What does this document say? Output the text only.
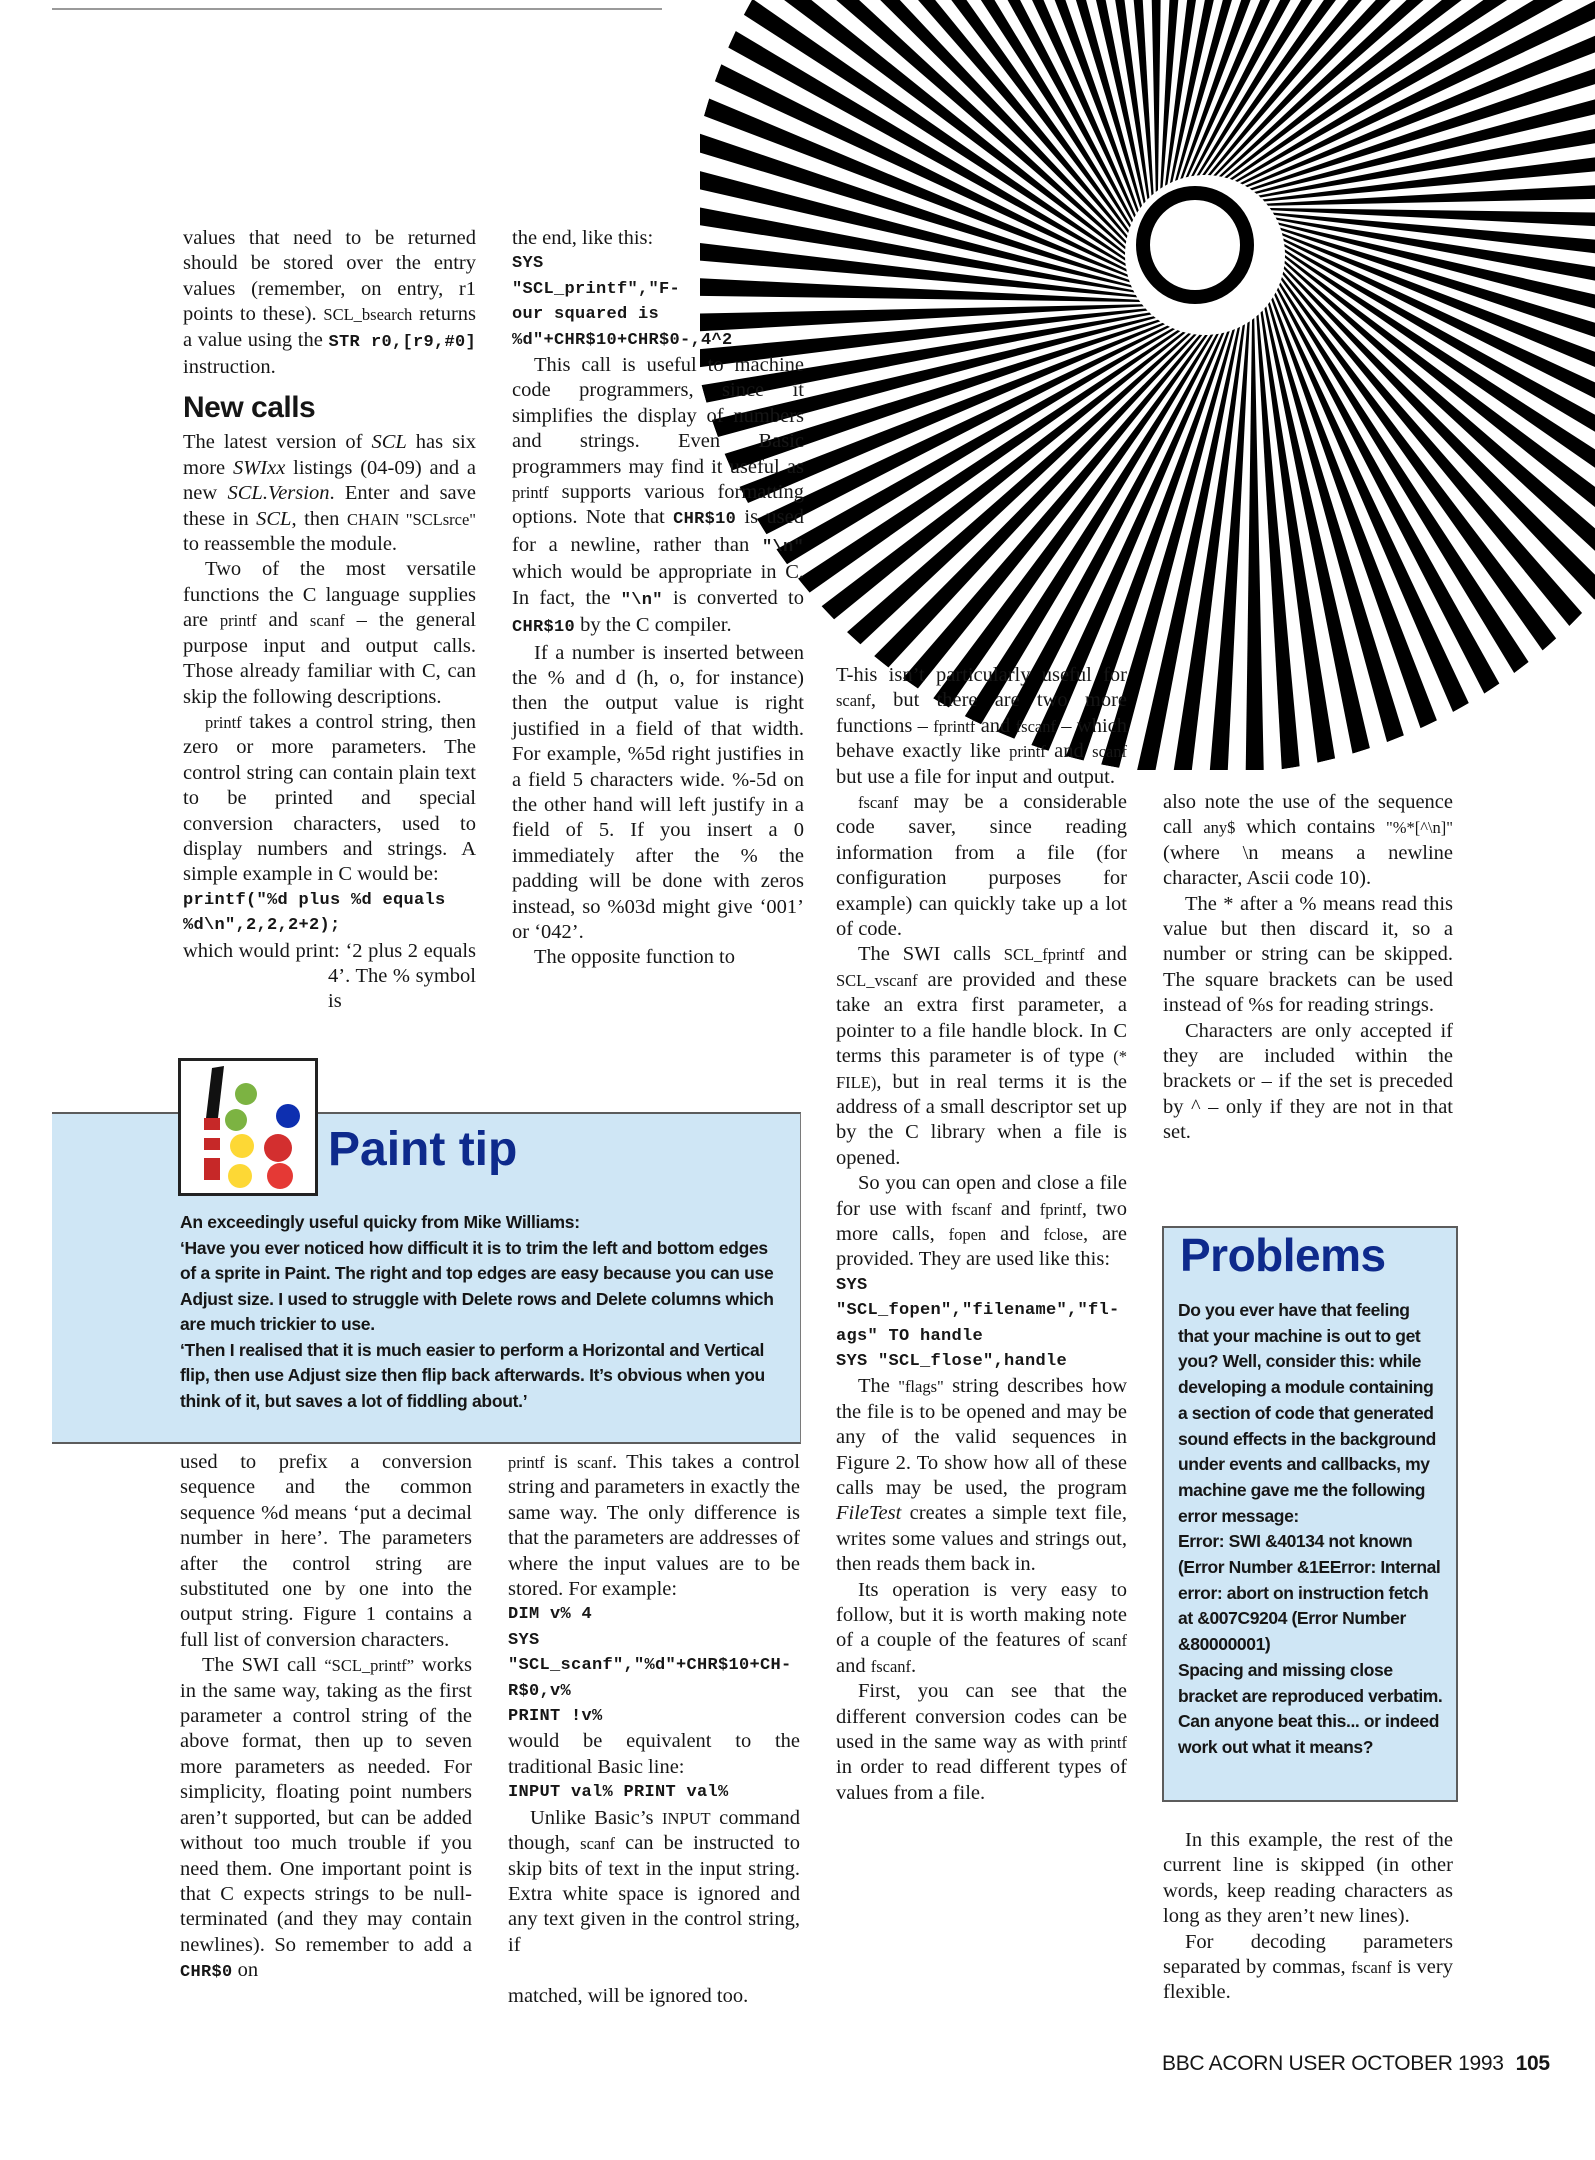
values that need to be returned should be stored over the entry values (remember, on entry, r1 points to these). SCL_bsearch returns a value using the STR r0,[r9,#0] instruction.

New calls

The latest version of SCL has six more SWIxx listings (04-09) and a new SCL.Version. Enter and save these in SCL, then CHAIN "SCLsrce" to reassemble the module.

Two of the most versatile functions the C language supplies are printf and scanf – the general purpose input and output calls. Those already familiar with C, can skip the following descriptions.

printf takes a control string, then zero or more parameters. The control string can contain plain text to be printed and special conversion characters, used to display numbers and strings. A simple example in C would be:

printf("%d plus %d equals %d\n",2,2,2+2);

which would print: ‘2 plus 2 equals 4’. The % symbol is

the end, like this:

SYS "SCL_printf","F-our squared is %d"+CHR$10+CHR$0-,4^2

This call is useful to machine code programmers, since it simplifies the display of numbers and strings. Even Basic programmers may find it useful as printf supports various formatting options. Note that CHR$10 is used for a newline, rather than "\n" which would be appropriate in C. In fact, the "\n" is converted to CHR$10 by the C compiler.

If a number is inserted between the % and d (h, o, for instance) then the output value is right justified in a field of that width. For example, %5d right justifies in a field 5 characters wide. %-5d on the other hand will left justify in a field of 5. If you insert a 0 immediately after the % the padding will be done with zeros instead, so %03d might give ‘001’ or ‘042’.

The opposite function to

T-his isn’t particularly useful for scanf, but there are two more functions – fprintf and fscanf – which behave exactly like printf and scanf but use a file for input and output.

fscanf may be a considerable code saver, since reading information from a file (for configuration purposes for example) can quickly take up a lot of code.

The SWI calls SCL_fprintf and SCL_vscanf are provided and these take an extra first parameter, a pointer to a file handle block. In C terms this parameter is of type (* FILE), but in real terms it is the address of a small descriptor set up by the C library when a file is opened.

So you can open and close a file for use with fscanf and fprintf, two more calls, fopen and fclose, are provided. They are used like this:

SYS "SCL_fopen","filename","fl-ags" TO handle
SYS "SCL_flose",handle

The "flags" string describes how the file is to be opened and may be any of the valid sequences in Figure 2. To show how all of these calls may be used, the program FileTest creates a simple text file, writes some values and strings out, then reads them back in.

Its operation is very easy to follow, but it is worth making note of a couple of the features of scanf and fscanf.

First, you can see that the different conversion codes can be used in the same way as with printf in order to read different types of values from a file.

also note the use of the sequence call any$ which contains "%*[^\n]" (where \n means a newline character, Ascii code 10).

The * after a % means read this value but then discard it, so a number or string can be skipped. The square brackets can be used instead of %s for reading strings.

Characters are only accepted if they are included within the brackets or – if the set is preceded by ^ – only if they are not in that set.

In this example, the rest of the current line is skipped (in other words, keep reading characters as long as they aren’t new lines).

For decoding parameters separated by commas, fscanf is very flexible.

used to prefix a conversion sequence and the common sequence %d means ‘put a decimal number in here’. The parameters after the control string are substituted one by one into the output string. Figure 1 contains a full list of conversion characters.

The SWI call “SCL_printf” works in the same way, taking as the first parameter a control string of the above format, then up to seven more parameters as needed. For simplicity, floating point numbers aren’t supported, but can be added without too much trouble if you need them. One important point is that C expects strings to be null-terminated (and they may contain newlines). So remember to add a CHR$0 on

printf is scanf. This takes a control string and parameters in exactly the same way. The only difference is that the parameters are addresses of where the input values are to be stored. For example:

DIM v% 4
SYS "SCL_scanf","%d"+CHR$10+CH-R$0,v%
PRINT !v%

would be equivalent to the traditional Basic line:

INPUT val% PRINT val%

Unlike Basic’s INPUT command though, scanf can be instructed to skip bits of text in the input string. Extra white space is ignored and any text given in the control string, if

matched, will be ignored too.

Paint tip

An exceedingly useful quicky from Mike Williams:

‘Have you ever noticed how difficult it is to trim the left and bottom edges of a sprite in Paint. The right and top edges are easy because you can use Adjust size. I used to struggle with Delete rows and Delete columns which are much trickier to use.

‘Then I realised that it is much easier to perform a Horizontal and Vertical flip, then use Adjust size then flip back afterwards. It’s obvious when you think of it, but saves a lot of fiddling about.’

Problems

Do you ever have that feeling that your machine is out to get you? Well, consider this: while developing a module containing a section of code that generated sound effects in the background under events and callbacks, my machine gave me the following error message:

Error: SWI &40134 not known (Error Number &1EError: Internal error: abort on instruction fetch at &007C9204 (Error Number &80000001)

Spacing and missing close bracket are reproduced verbatim. Can anyone beat this... or indeed work out what it means?

BBC ACORN USER OCTOBER 1993 105
